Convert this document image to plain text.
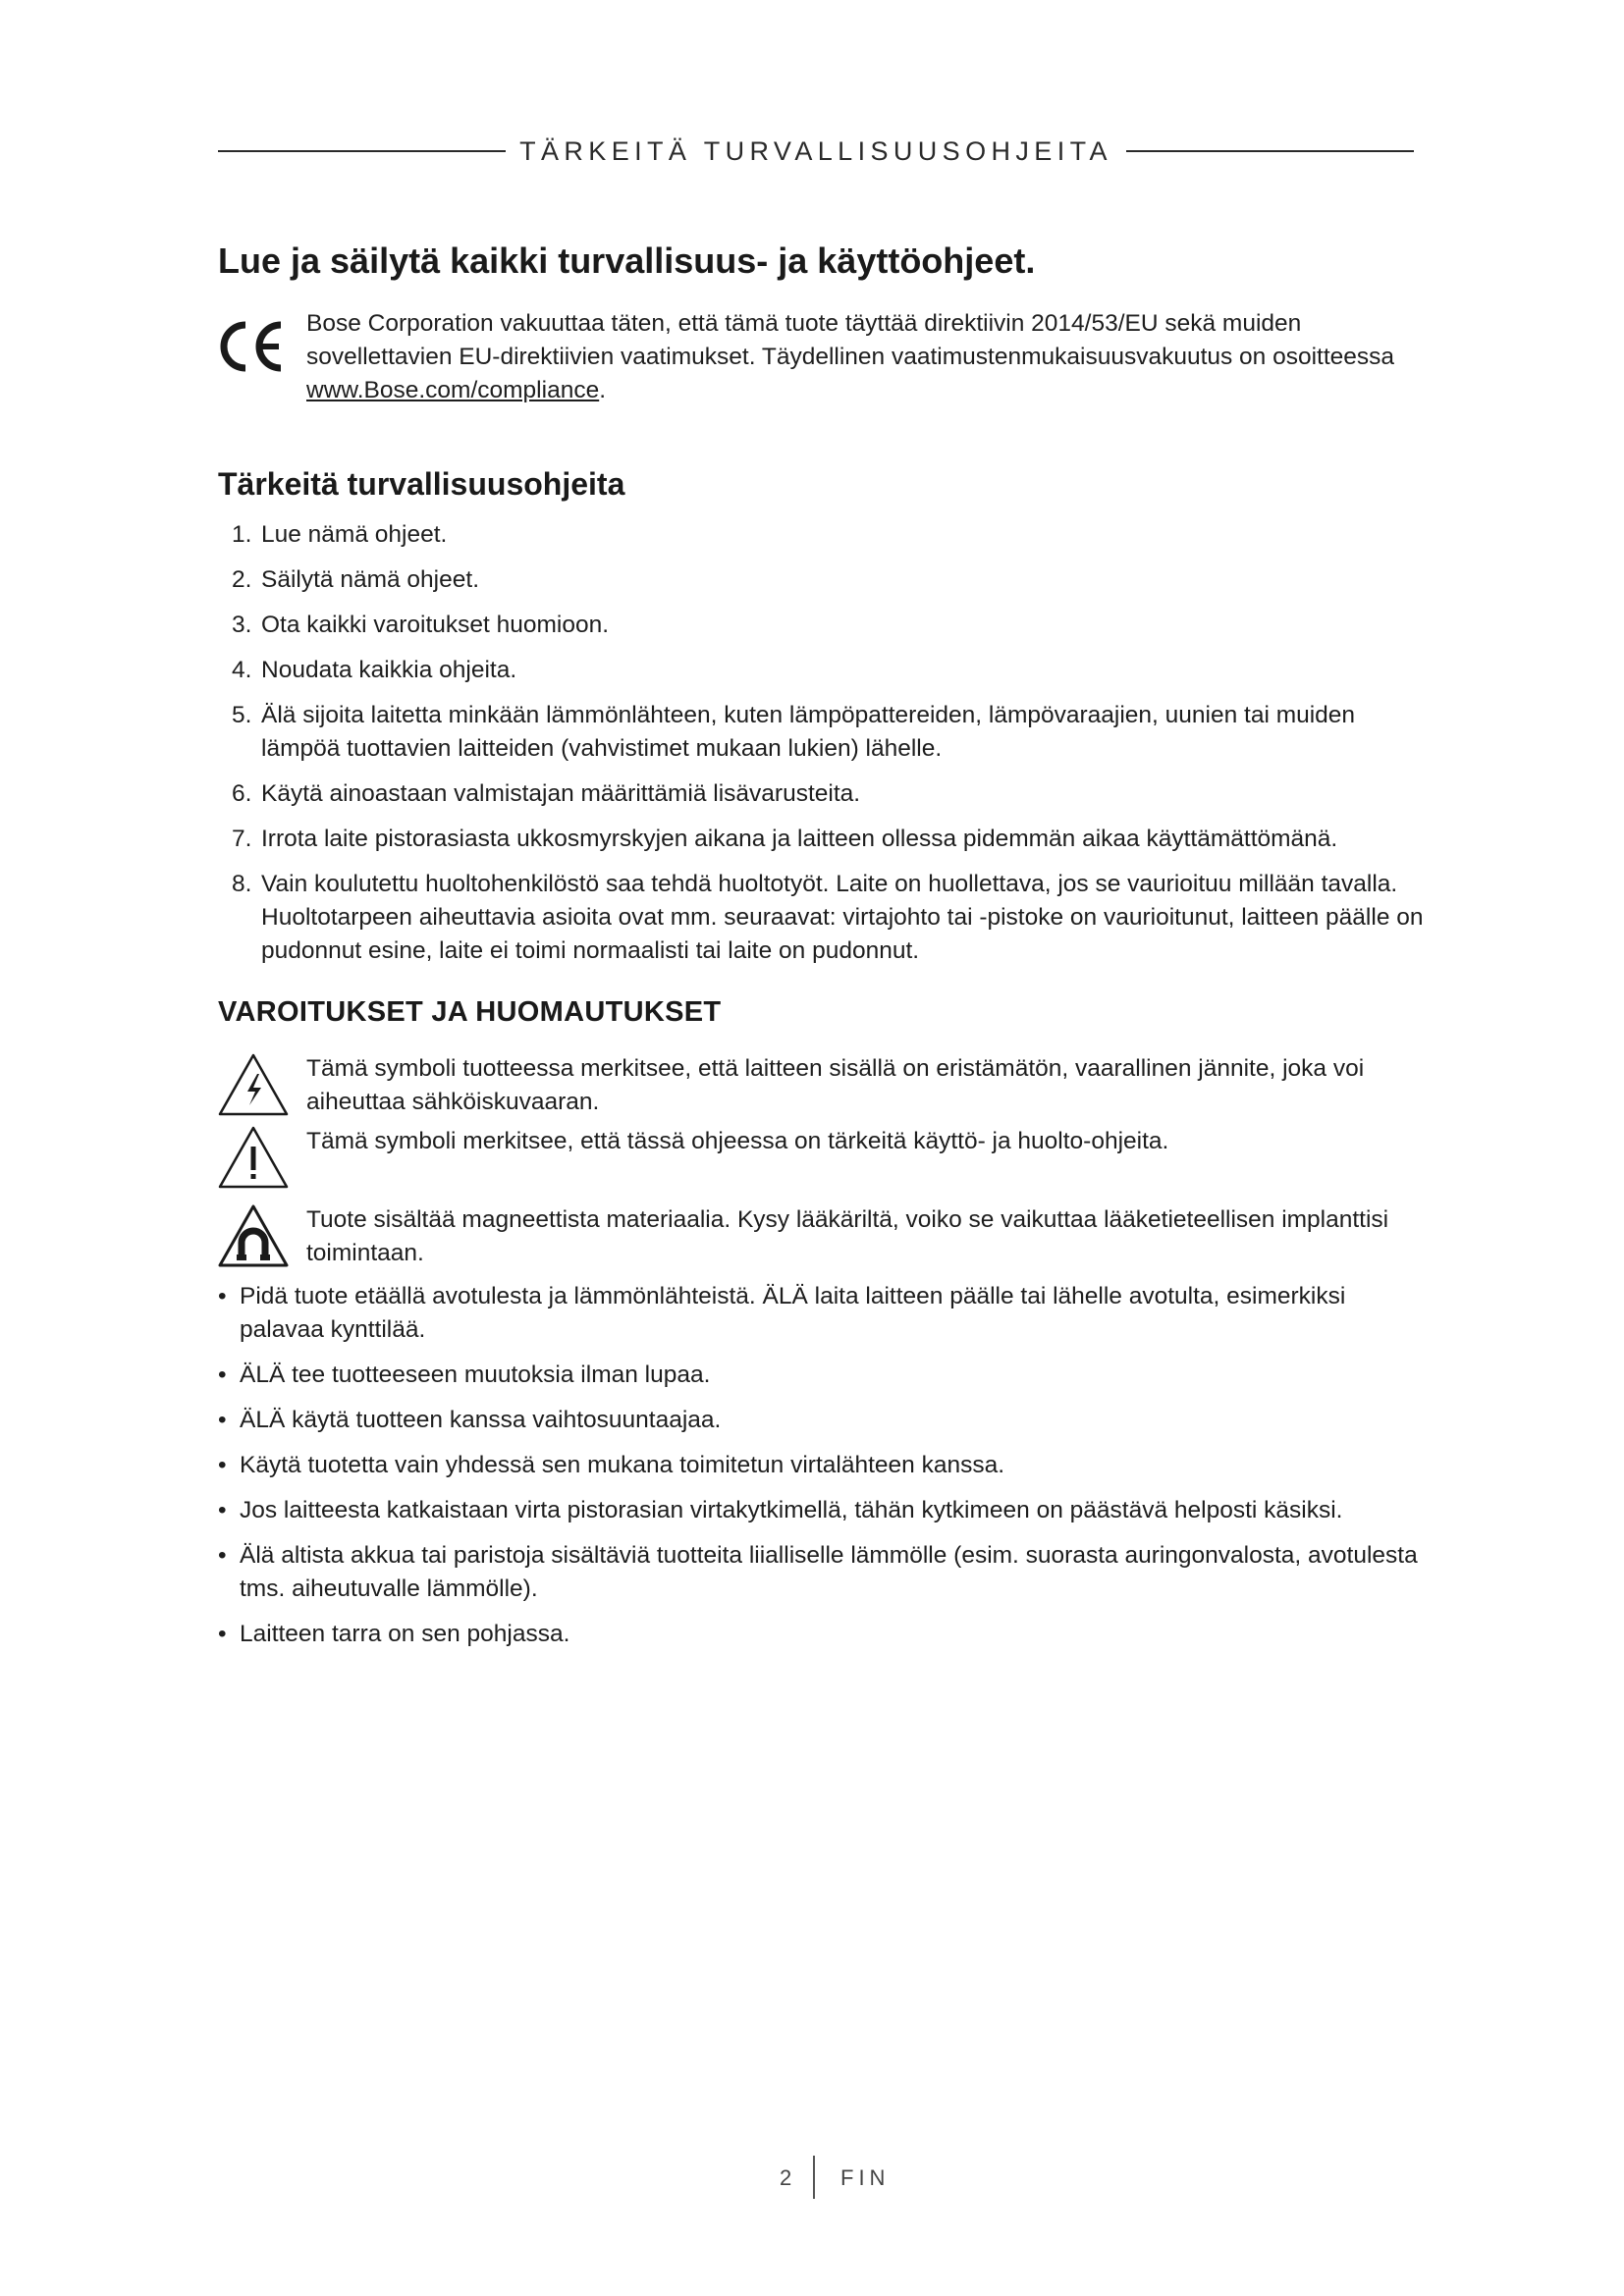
TÄRKEITÄ TURVALLISUUSOHJEITA
Lue ja säilytä kaikki turvallisuus- ja käyttöohjeet.
Bose Corporation vakuuttaa täten, että tämä tuote täyttää direktiivin 2014/53/EU sekä muiden sovellettavien EU-direktiivien vaatimukset. Täydellinen vaatimustenmukaisuusvakuutus on osoitteessa
www.Bose.com/compliance.
Tärkeitä turvallisuusohjeita
1. Lue nämä ohjeet.
2. Säilytä nämä ohjeet.
3. Ota kaikki varoitukset huomioon.
4. Noudata kaikkia ohjeita.
5. Älä sijoita laitetta minkään lämmönlähteen, kuten lämpöpattereiden, lämpövaraajien, uunien tai muiden lämpöä tuottavien laitteiden (vahvistimet mukaan lukien) lähelle.
6. Käytä ainoastaan valmistajan määrittämiä lisävarusteita.
7. Irrota laite pistorasiasta ukkosmyrskyjen aikana ja laitteen ollessa pidemmän aikaa käyttämättömänä.
8. Vain koulutettu huoltohenkilöstö saa tehdä huoltotyöt. Laite on huollettava, jos se vaurioituu millään tavalla. Huoltotarpeen aiheuttavia asioita ovat mm. seuraavat: virtajohto tai -pistoke on vaurioitunut, laitteen päälle on pudonnut esine, laite ei toimi normaalisti tai laite on pudonnut.
VAROITUKSET JA HUOMAUTUKSET
Tämä symboli tuotteessa merkitsee, että laitteen sisällä on eristämätön, vaarallinen jännite, joka voi aiheuttaa sähköiskuvaaran.
Tämä symboli merkitsee, että tässä ohjeessa on tärkeitä käyttö- ja huolto-ohjeita.
Tuote sisältää magneettista materiaalia. Kysy lääkäriltä, voiko se vaikuttaa lääketieteellisen implanttisi toimintaan.
• Pidä tuote etäällä avotulesta ja lämmönlähteistä. ÄLÄ laita laitteen päälle tai lähelle avotulta, esimerkiksi palavaa kynttilää.
• ÄLÄ tee tuotteeseen muutoksia ilman lupaa.
• ÄLÄ käytä tuotteen kanssa vaihtosuuntaajaa.
• Käytä tuotetta vain yhdessä sen mukana toimitetun virtalähteen kanssa.
• Jos laitteesta katkaistaan virta pistorasian virtakytkimellä, tähän kytkimeen on päästävä helposti käsiksi.
• Älä altista akkua tai paristoja sisältäviä tuotteita liialliselle lämmölle (esim. suorasta auringonvalosta, avotulesta tms. aiheutuvalle lämmölle).
• Laitteen tarra on sen pohjassa.
2 FIN
